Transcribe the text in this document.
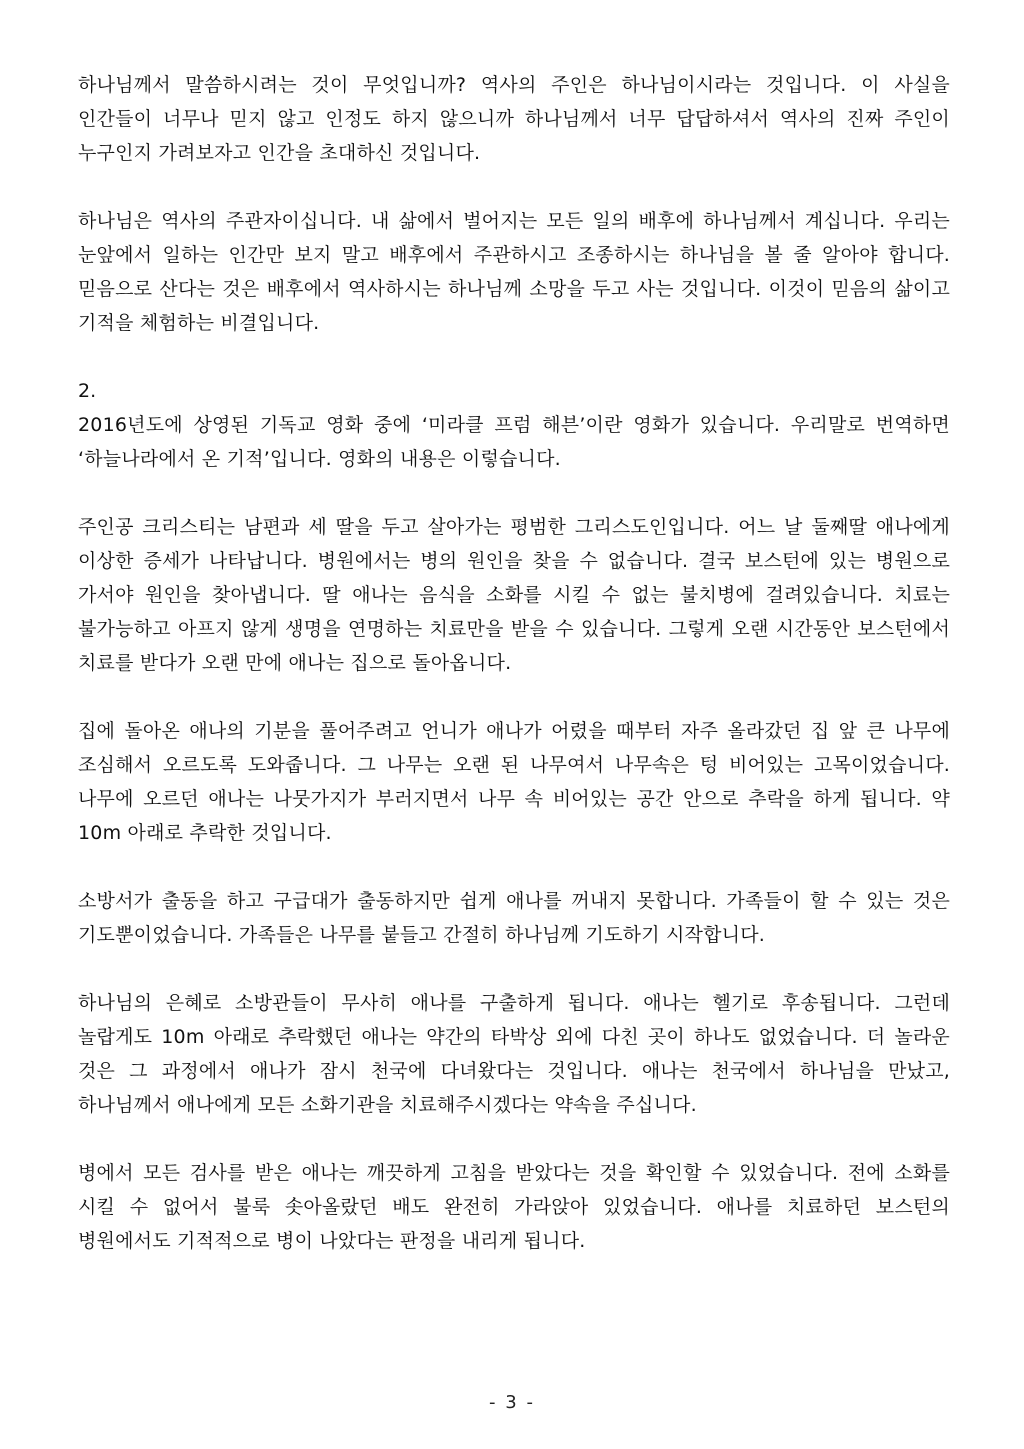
하나님께서 말씀하시려는 것이 무엇입니까? 역사의 주인은 하나님이시라는 것입니다. 이 사실을 인간들이 너무나 믿지 않고 인정도 하지 않으니까 하나님께서 너무 답답하셔서 역사의 진짜 주인이 누구인지 가려보자고 인간을 초대하신 것입니다.

하나님은 역사의 주관자이십니다. 내 삶에서 벌어지는 모든 일의 배후에 하나님께서 계십니다. 우리는 눈앞에서 일하는 인간만 보지 말고 배후에서 주관하시고 조종하시는 하나님을 볼 줄 알아야 합니다. 믿음으로 산다는 것은 배후에서 역사하시는 하나님께 소망을 두고 사는 것입니다. 이것이 믿음의 삶이고 기적을 체험하는 비결입니다.

2.

2016년도에 상영된 기독교 영화 중에 ‘미라클 프럼 해븐’이란 영화가 있습니다. 우리말로 번역하면 ‘하늘나라에서 온 기적’입니다. 영화의 내용은 이렇습니다.

주인공 크리스티는 남편과 세 딸을 두고 살아가는 평범한 그리스도인입니다. 어느 날 둘째딸 애나에게 이상한 증세가 나타납니다. 병원에서는 병의 원인을 찾을 수 없습니다. 결국 보스턴에 있는 병원으로 가서야 원인을 찾아냅니다. 딸 애나는 음식을 소화를 시킬 수 없는 불치병에 걸려있습니다. 치료는 불가능하고 아프지 않게 생명을 연명하는 치료만을 받을 수 있습니다. 그렇게 오랜 시간동안 보스턴에서 치료를 받다가 오랜 만에 애나는 집으로 돌아옵니다.

집에 돌아온 애나의 기분을 풀어주려고 언니가 애나가 어렸을 때부터 자주 올라갔던 집 앞 큰 나무에 조심해서 오르도록 도와줍니다. 그 나무는 오랜 된 나무여서 나무속은 텅 비어있는 고목이었습니다. 나무에 오르던 애나는 나뭇가지가 부러지면서 나무 속 비어있는 공간 안으로 추락을 하게 됩니다. 약 10m 아래로 추락한 것입니다.

소방서가 출동을 하고 구급대가 출동하지만 쉽게 애나를 꺼내지 못합니다. 가족들이 할 수 있는 것은 기도뿐이었습니다. 가족들은 나무를 붙들고 간절히 하나님께 기도하기 시작합니다.

하나님의 은혜로 소방관들이 무사히 애나를 구출하게 됩니다. 애나는 헬기로 후송됩니다. 그런데 놀랍게도 10m 아래로 추락했던 애나는 약간의 타박상 외에 다친 곳이 하나도 없었습니다. 더 놀라운 것은 그 과정에서 애나가 잠시 천국에 다녀왔다는 것입니다. 애나는 천국에서 하나님을 만났고, 하나님께서 애나에게 모든 소화기관을 치료해주시겠다는 약속을 주십니다.

병에서 모든 검사를 받은 애나는 깨끗하게 고침을 받았다는 것을 확인할 수 있었습니다. 전에 소화를 시킬 수 없어서 불룩 솟아올랐던 배도 완전히 가라앉아 있었습니다. 애나를 치료하던 보스턴의 병원에서도 기적적으로 병이 나았다는 판정을 내리게 됩니다.

- 3 -
